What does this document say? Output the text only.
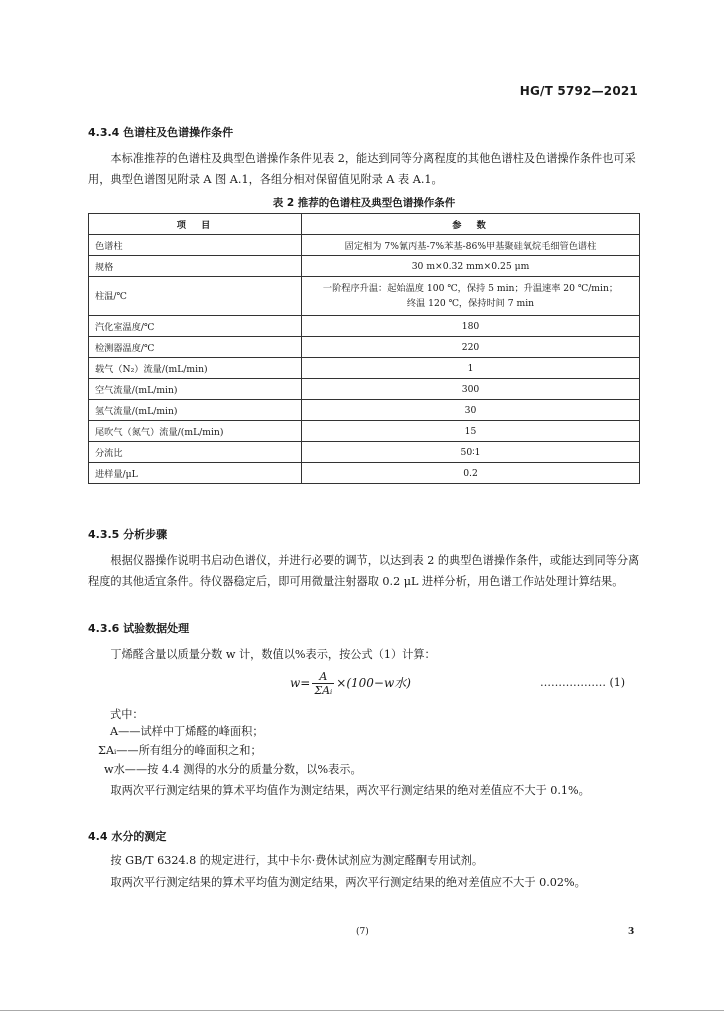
HG/T 5792—2021
4.3.4 色谱柱及色谱操作条件
本标准推荐的色谱柱及典型色谱操作条件见表 2，能达到同等分离程度的其他色谱柱及色谱操作条件也可采用，典型色谱图见附录 A 图 A.1，各组分相对保留值见附录 A 表 A.1。
表 2 推荐的色谱柱及典型色谱操作条件
项　目	参　数
色谱柱	固定相为 7%氰丙基-7%苯基-86%甲基聚硅氧烷毛细管色谱柱
规格	30 m×0.32 mm×0.25 μm
柱温/℃	一阶程序升温：起始温度 100 ℃，保持 5 min；升温速率 20 ℃/min；
终温 120 ℃，保持时间 7 min

汽化室温度/℃	180
检测器温度/℃	220
载气（N₂）流量/(mL/min)	1
空气流量/(mL/min)	300
氢气流量/(mL/min)	30
尾吹气（氮气）流量/(mL/min)	15
分流比	50∶1
进样量/μL	0.2
4.3.5 分析步骤
根据仪器操作说明书启动色谱仪，并进行必要的调节，以达到表 2 的典型色谱操作条件，或能达到同等分离程度的其他适宜条件。待仪器稳定后，即可用微量注射器取 0.2 μL 进样分析，用色谱工作站处理计算结果。
4.3.6 试验数据处理
丁烯醛含量以质量分数 w 计，数值以%表示，按公式（1）计算：
$w= \frac{A}{\text{ΣAᵢ}} \times(100-w$水)	……………… (1)
式中：
A——试样中丁烯醛的峰面积；
ΣAᵢ——所有组分的峰面积之和；
w水——按 4.4 测得的水分的质量分数，以%表示。
取两次平行测定结果的算术平均值作为测定结果，两次平行测定结果的绝对差值应不大于 0.1%。
4.4 水分的测定
按 GB/T 6324.8 的规定进行，其中卡尔·费休试剂应为测定醛酮专用试剂。
取两次平行测定结果的算术平均值为测定结果，两次平行测定结果的绝对差值应不大于 0.02%。
(7)	3
